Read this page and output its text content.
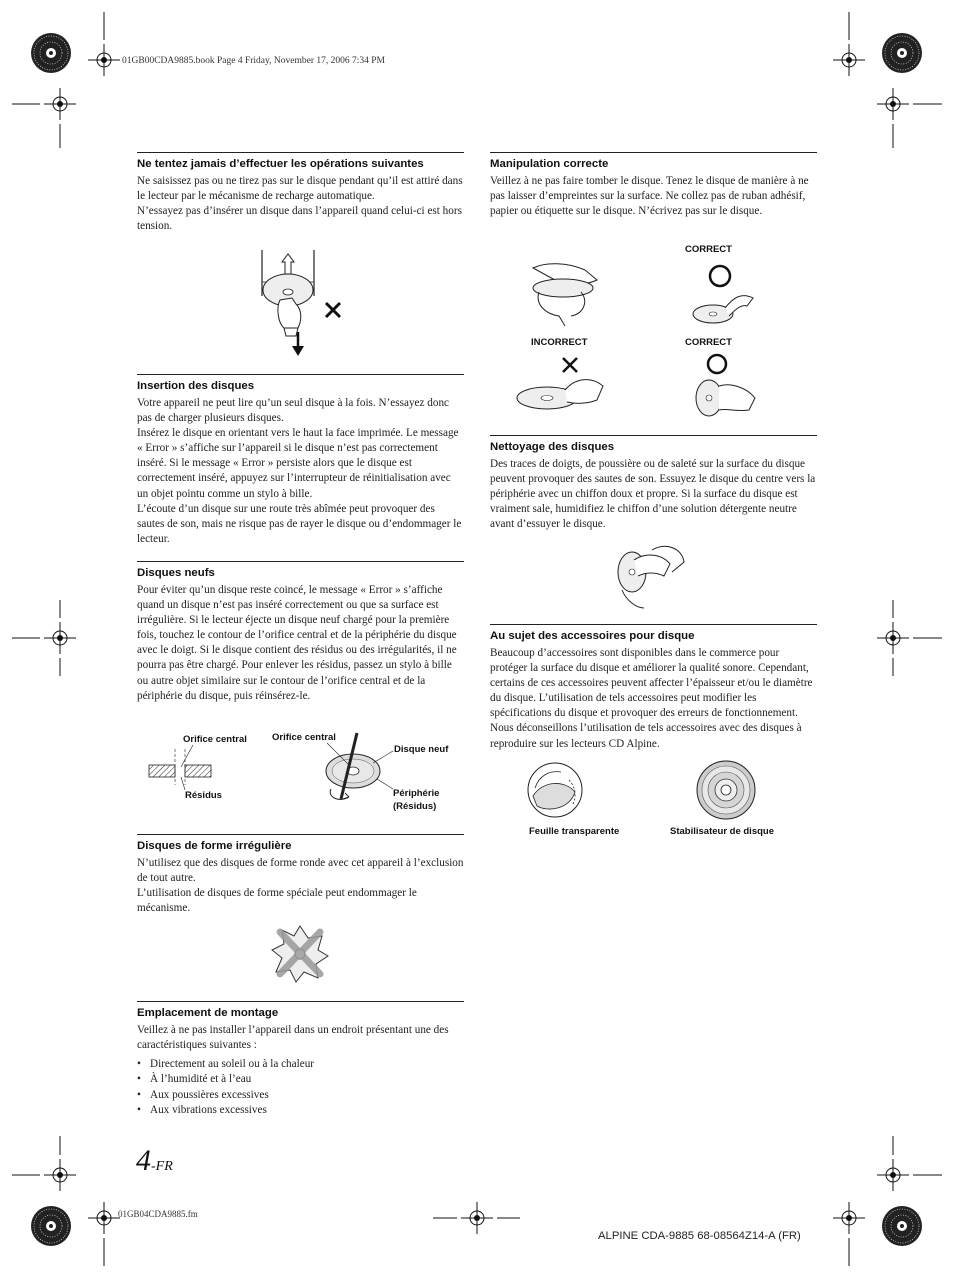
01GB00CDA9885.book Page 4 Friday, November 17, 2006 7:34 PM
Ne tentez jamais d’effectuer les opérations suivantes

Ne saisissez pas ou ne tirez pas sur le disque pendant qu’il est attiré dans le lecteur par le mécanisme de recharge automatique.

N’essayez pas d’insérer un disque dans l’appareil quand celui-ci est hors tension.

Insertion des disques

Votre appareil ne peut lire qu’un seul disque à la fois. N’essayez donc pas de charger plusieurs disques.

Insérez le disque en orientant vers le haut la face imprimée. Le message « Error » s’affiche sur l’appareil si le disque n’est pas correctement inséré. Si le message « Error » persiste alors que le disque est correctement inséré, appuyez sur l’interrupteur de réinitialisation avec un objet pointu comme un stylo à bille.

L’écoute d’un disque sur une route très abîmée peut provoquer des sautes de son, mais ne risque pas de rayer le disque ou d’endommager le lecteur.

Disques neufs

Pour éviter qu’un disque reste coincé, le message « Error » s’affiche quand un disque n’est pas inséré correctement ou que sa surface est irrégulière. Si le lecteur éjecte un disque neuf chargé pour la première fois, touchez le contour de l’orifice central et de la périphérie du disque avec le doigt. Si le disque contient des résidus ou des irrégularités, il ne pourra pas être chargé. Pour enlever les résidus, passez un stylo à bille ou autre objet similaire sur le contour de l’orifice central et de la périphérie du disque, puis réinsérez-le.

Orifice central	Orifice central
Disque neuf
Résidus	Périphérie
(Résidus)
Disques de forme irrégulière

N’utilisez que des disques de forme ronde avec cet appareil à l’exclusion de tout autre.

L’utilisation de disques de forme spéciale peut endommager le mécanisme.

Emplacement de montage

Veillez à ne pas installer l’appareil dans un endroit présentant une des caractéristiques suivantes :

• Directement au soleil ou à la chaleur
• À l’humidité et à l’eau
• Aux poussières excessives
• Aux vibrations excessives
Manipulation correcte

Veillez à ne pas faire tomber le disque. Tenez le disque de manière à ne pas laisser d’empreintes sur la surface. Ne collez pas de ruban adhésif, papier ou étiquette sur le disque. N’écrivez pas sur le disque.

CORRECT
INCORRECT	CORRECT
Nettoyage des disques

Des traces de doigts, de poussière ou de saleté sur la surface du disque peuvent provoquer des sautes de son. Essuyez le disque du centre vers la périphérie avec un chiffon doux et propre. Si la surface du disque est vraiment sale, humidifiez le chiffon d’une solution détergente neutre avant d’essuyer le disque.

Au sujet des accessoires pour disque

Beaucoup d’accessoires sont disponibles dans le commerce pour protéger la surface du disque et améliorer la qualité sonore. Cependant, certains de ces accessoires peuvent affecter l’épaisseur et/ou le diamètre du disque. L’utilisation de tels accessoires peut modifier les spécifications du disque et provoquer des erreurs de fonctionnement. Nous déconseillons l’utilisation de tels accessoires avec des disques à reproduire sur les lecteurs CD Alpine.

Feuille transparente	Stabilisateur de disque
4-FR
01GB04CDA9885.fm
ALPINE CDA-9885 68-08564Z14-A (FR)
